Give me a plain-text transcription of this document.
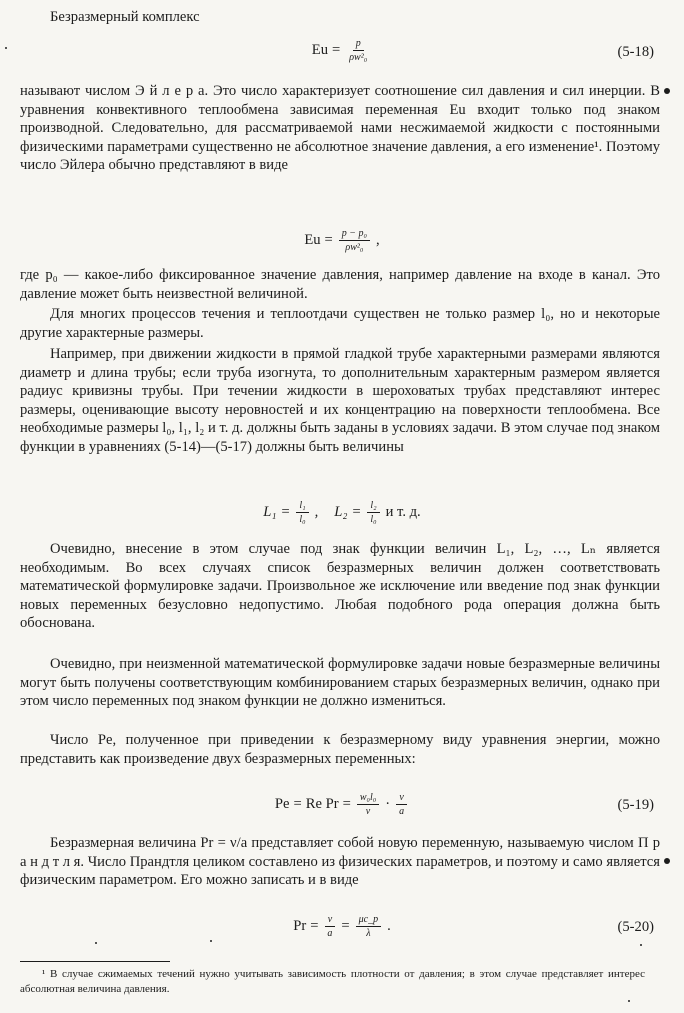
Безразмерный комплекс

$Eu = \frac{p}{\text{ρw²₀}}$	(5-18)

называют числом Э й л е р а. Это число характеризует соотношение сил давления и сил инерции. В уравнения конвективного теплообмена зависимая переменная Eu входит только под знаком производной. Следовательно, для рассматриваемой нами несжимаемой жидкости с постоянными физическими параметрами существенно не абсолютное значение давления, а его изменение¹. Поэтому число Эйлера обычно представляют в виде

$Eu = \frac{\text{p − p₀}}{\text{ρw²₀}}$ ,

где p₀ — какое-либо фиксированное значение давления, например давление на входе в канал. Это давление может быть неизвестной величиной.

Для многих процессов течения и теплоотдачи существен не только размер l₀, но и некоторые другие характерные размеры.

Например, при движении жидкости в прямой гладкой трубе характерными размерами являются диаметр и длина трубы; если труба изогнута, то дополнительным характерным размером является радиус кривизны трубы. При течении жидкости в шероховатых трубах представляют интерес размеры, оценивающие высоту неровностей и их концентрацию на поверхности теплообмена. Все необходимые размеры l₀, l₁, l₂ и т. д. должны быть заданы в условиях задачи. В этом случае под знаком функции в уравнениях (5-14)—(5-17) должны быть величины

$L_1 = \frac{\text{l₁}}{\text{l₀}}$ , $L_2 = \frac{\text{l₂}}{\text{l₀}}$ и т. д.

Очевидно, внесение в этом случае под знак функции величин L₁, L₂, …, Lₙ является необходимым. Во всех случаях список безразмерных величин должен соответствовать математической формулировке задачи. Произвольное же исключение или введение под знак функции новых переменных безусловно недопустимо. Любая подобного рода операция должна быть обоснована.

Очевидно, при неизменной математической формулировке задачи новые безразмерные величины могут быть получены соответствующим комбинированием старых безразмерных величин, однако при этом число переменных под знаком функции не должно измениться.

Число Pe, полученное при приведении к безразмерному виду уравнения энергии, можно представить как произведение двух безразмерных переменных:

Pe = Re $Pr = \frac{\text{w₀l₀}}{\nu} \cdot \frac{\nu}{a}$	(5-19)

Безразмерная величина Pr = ν/a представляет собой новую переменную, называемую числом П р а н д т л я. Число Прандтля целиком составлено из физических параметров, и поэтому и само является физическим параметром. Его можно записать и в виде

$Pr = \frac{\nu}{a} = \frac{\mu c\_p}{\lambda}$ .	(5-20)

¹ В случае сжимаемых течений нужно учитывать зависимость плотности от давления; в этом случае представляет интерес абсолютная величина давления.
